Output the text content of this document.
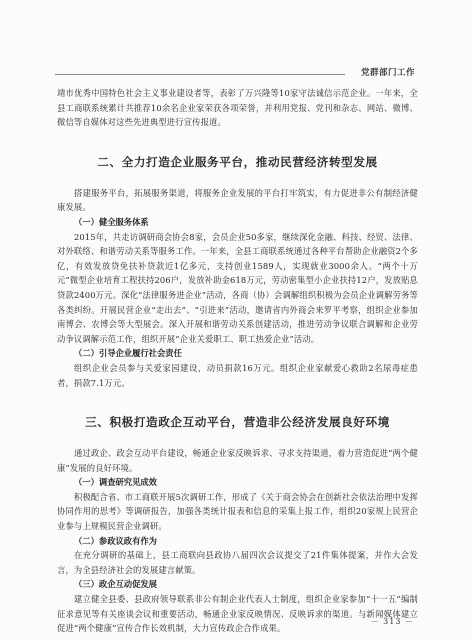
党群部门工作

靖市优秀中国特色社会主义事业建设者等，表彰了万兴隆等10家守法诚信示范企业。一年来，全县工商联系统累计共推荐10余名企业家荣获各项荣誉，并利用党报、党刊和杂志、网站、微博、微信等自媒体对这些先进典型进行宣传报道。

二、全力打造企业服务平台，推动民营经济转型发展

搭建服务平台，拓展服务渠道，将服务企业发展的平台打牢筑实，有力促进非公有制经济健康发展。

（一）健全服务体系

2015年，共走访调研商会协会8家，会员企业50多家，继续深化金融、科技、经贸、法律、对外联络、和谐劳动关系等服务工作。一年来，全县工商联系统通过各种平台帮助企业融资2个多亿，有效发放贷免扶补贷款近1亿多元，支持创业1589人，实现就业3000余人。“两个十万元”微型企业培育工程扶持206户，发放补助金618万元，劳动密集型小企业扶持12户，发放贴息贷款2400万元。深化“法律服务进企业”活动，各商（协）会调解组织积极为会员企业调解劳务等各类纠纷。开展民营企业“走出去”、“引进来”活动，邀请省内外商会来罗平考察，组织企业参加南博会、农博会等大型展会。深入开展和谐劳动关系创建活动，推进劳动争议联合调解和企业劳动争议调解示范工作，组织开展“企业关爱职工、职工热爱企业”活动。

（二）引导企业履行社会责任

组织企业会员参与关爱家园建设，动员捐款16万元。组织企业家献爱心救助2名尿毒症患者，捐款7.1万元。

三、积极打造政企互动平台，营造非公经济发展良好环境

通过政企、政会互动平台建设，畅通企业家反映诉求、寻求支持渠道，着力营造促进“两个健康”发展的良好环境。

（一）调查研究见成效

积极配合省、市工商联开展5次调研工作，形成了《关于商会协会在创新社会依法治理中发挥协同作用的思考》等调研报告，加强各类统计报表和信息的采集上报工作，组织20家规上民营企业参与上规模民营企业调研。

（二）参政议政有作为

在充分调研的基础上，县工商联向县政协八届四次会议提交了21件集体提案，并作大会发言，为全县经济社会的发展建言献策。

（三）政企互动促发展

建立健全县委、县政府领导联系非公有制企业代表人士制度，组织企业家参加“十一五”编制征求意见等有关座谈会议和重要活动，畅通企业家反映情况、反映诉求的渠道。与新闻媒体建立促进“两个健康”宣传合作长效机制，大力宣传政企合作成果。

－ 313 －
